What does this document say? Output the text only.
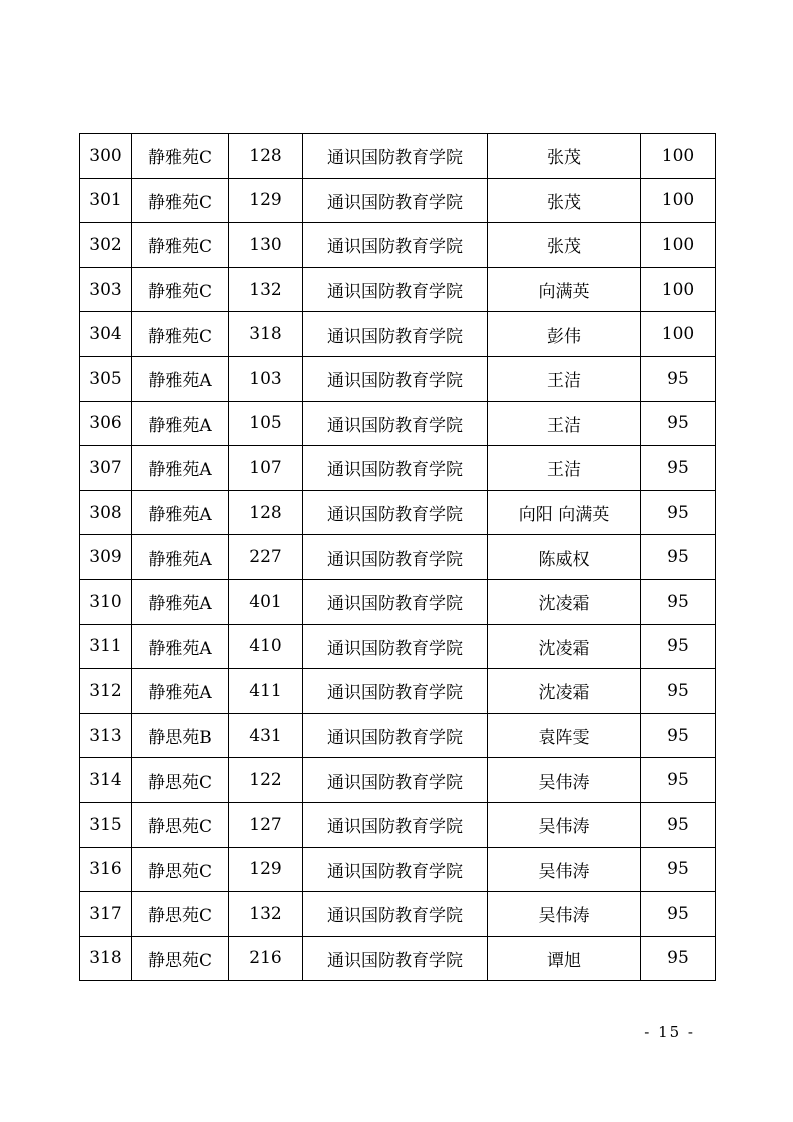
300	静雅苑C	128	通识国防教育学院	张茂	100
301	静雅苑C	129	通识国防教育学院	张茂	100
302	静雅苑C	130	通识国防教育学院	张茂	100
303	静雅苑C	132	通识国防教育学院	向满英	100
304	静雅苑C	318	通识国防教育学院	彭伟	100
305	静雅苑A	103	通识国防教育学院	王洁	95
306	静雅苑A	105	通识国防教育学院	王洁	95
307	静雅苑A	107	通识国防教育学院	王洁	95
308	静雅苑A	128	通识国防教育学院	向阳 向满英	95
309	静雅苑A	227	通识国防教育学院	陈威权	95
310	静雅苑A	401	通识国防教育学院	沈凌霜	95
311	静雅苑A	410	通识国防教育学院	沈凌霜	95
312	静雅苑A	411	通识国防教育学院	沈凌霜	95
313	静思苑B	431	通识国防教育学院	袁阵雯	95
314	静思苑C	122	通识国防教育学院	吴伟涛	95
315	静思苑C	127	通识国防教育学院	吴伟涛	95
316	静思苑C	129	通识国防教育学院	吴伟涛	95
317	静思苑C	132	通识国防教育学院	吴伟涛	95
318	静思苑C	216	通识国防教育学院	谭旭	95
- 15 -
